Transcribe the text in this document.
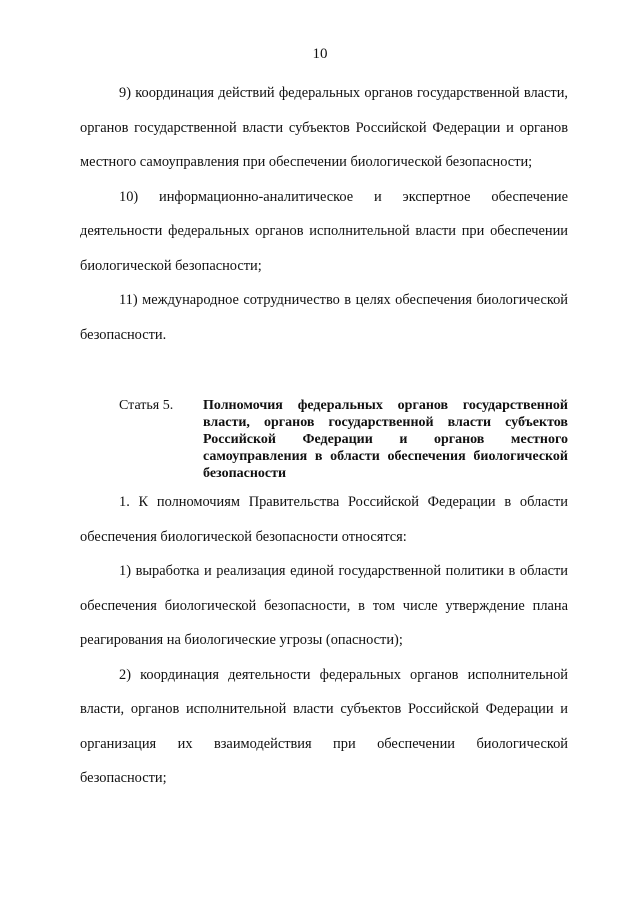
10

9) координация действий федеральных органов государственной власти, органов государственной власти субъектов Российской Федерации и органов местного самоуправления при обеспечении биологической безопасности;

10) информационно-аналитическое и экспертное обеспечение деятельности федеральных органов исполнительной власти при обеспечении биологической безопасности;

11) международное сотрудничество в целях обеспечения биологической безопасности.

Статья 5. Полномочия федеральных органов государственной власти, органов государственной власти субъектов Российской Федерации и органов местного самоуправления в области обеспечения биологической безопасности

1. К полномочиям Правительства Российской Федерации в области обеспечения биологической безопасности относятся:

1) выработка и реализация единой государственной политики в области обеспечения биологической безопасности, в том числе утверждение плана реагирования на биологические угрозы (опасности);

2) координация деятельности федеральных органов исполнительной власти, органов исполнительной власти субъектов Российской Федерации и организация их взаимодействия при обеспечении биологической безопасности;
